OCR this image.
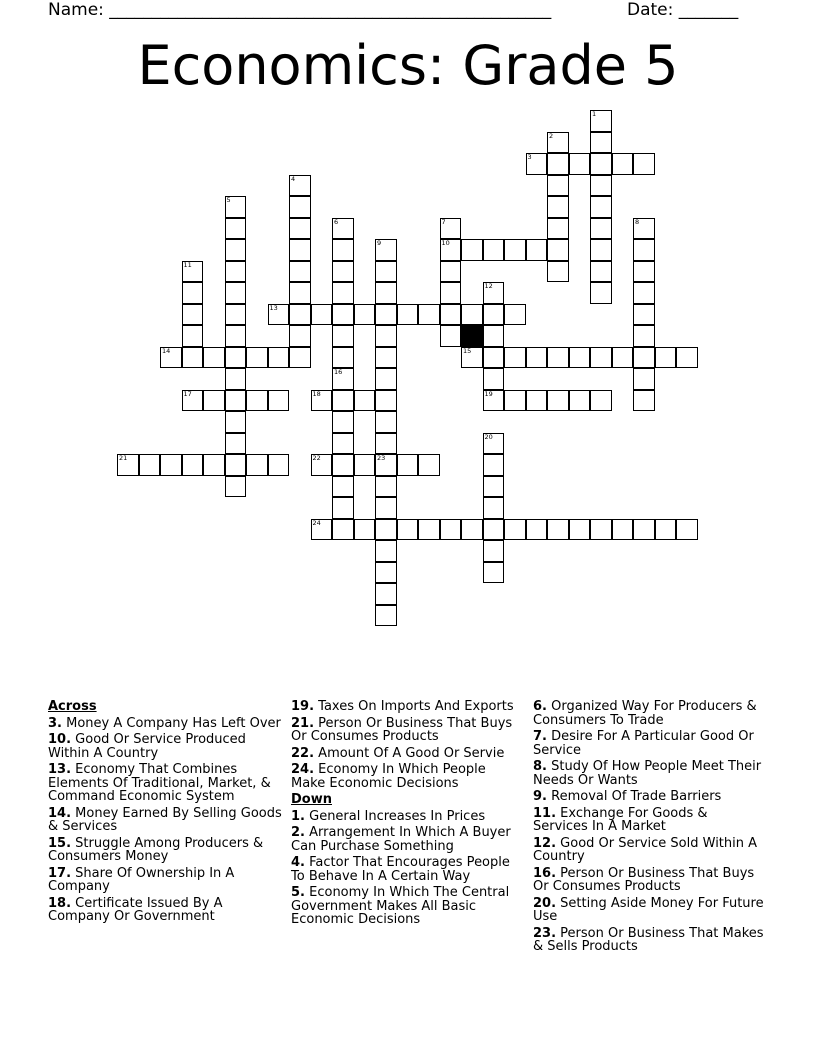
Name: ____________________________________________________	Date: _______
Economics: Grade 5
1
2
3
4
5
6	7
10
8
9
11
12
19
13
14	15
16
17	18
20
21	22	23
24
Across
3. Money A Company Has Left Over
10. Good Or Service Produced Within A Country
13. Economy That Combines Elements Of Traditional, Market, & Command Economic System
14. Money Earned By Selling Goods & Services
15. Struggle Among Producers & Consumers Money
17. Share Of Ownership In A Company
18. Certificate Issued By A Company Or Government
19. Taxes On Imports And Exports
21. Person Or Business That Buys Or Consumes Products
22. Amount Of A Good Or Servie
24. Economy In Which People Make Economic Decisions
Down
1. General Increases In Prices
2. Arrangement In Which A Buyer Can Purchase Something
4. Factor That Encourages People To Behave In A Certain Way
5. Economy In Which The Central Government Makes All Basic Economic Decisions
6. Organized Way For Producers & Consumers To Trade
7. Desire For A Particular Good Or Service
8. Study Of How People Meet Their Needs Or Wants
9. Removal Of Trade Barriers
11. Exchange For Goods & Services In A Market
12. Good Or Service Sold Within A Country
16. Person Or Business That Buys Or Consumes Products
20. Setting Aside Money For Future Use
23. Person Or Business That Makes & Sells Products
